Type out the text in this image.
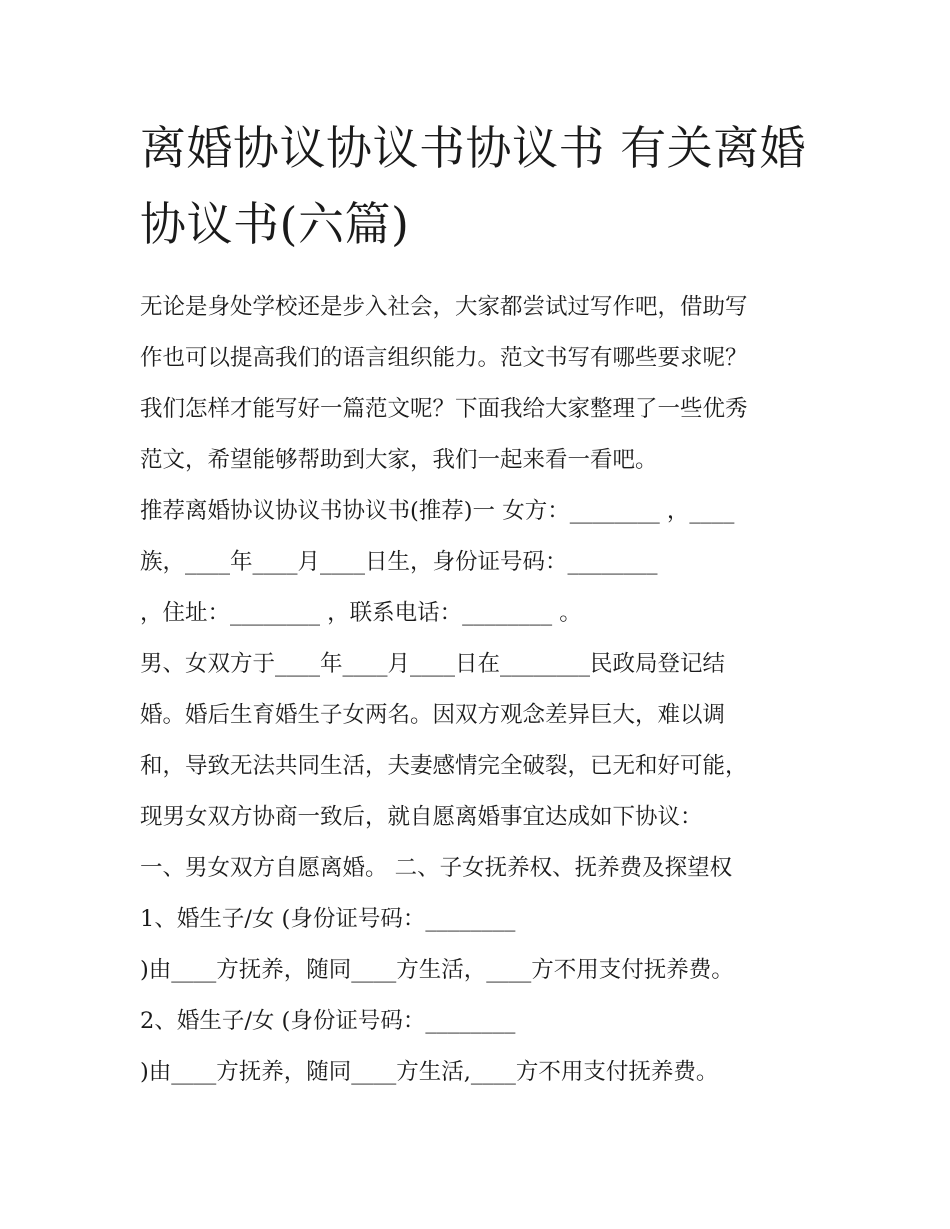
离婚协议协议书协议书 有关离婚协议书(六篇)

无论是身处学校还是步入社会，大家都尝试过写作吧，借助写

作也可以提高我们的语言组织能力。范文书写有哪些要求呢？

我们怎样才能写好一篇范文呢？下面我给大家整理了一些优秀

范文，希望能够帮助到大家，我们一起来看一看吧。

推荐离婚协议协议书协议书(推荐)一 女方：________ ，____

族，____年____月____日生，身份证号码：________

，住址：________ ，联系电话：________ 。

男、女双方于____年____月____日在________民政局登记结

婚。婚后生育婚生子女两名。因双方观念差异巨大，难以调

和，导致无法共同生活，夫妻感情完全破裂，已无和好可能，

现男女双方协商一致后，就自愿离婚事宜达成如下协议：

一、男女双方自愿离婚。 二、子女抚养权、抚养费及探望权

1、婚生子/女 (身份证号码：________

)由____方抚养，随同____方生活，____方不用支付抚养费。

2、婚生子/女 (身份证号码：________

)由____方抚养，随同____方生活,____方不用支付抚养费。
